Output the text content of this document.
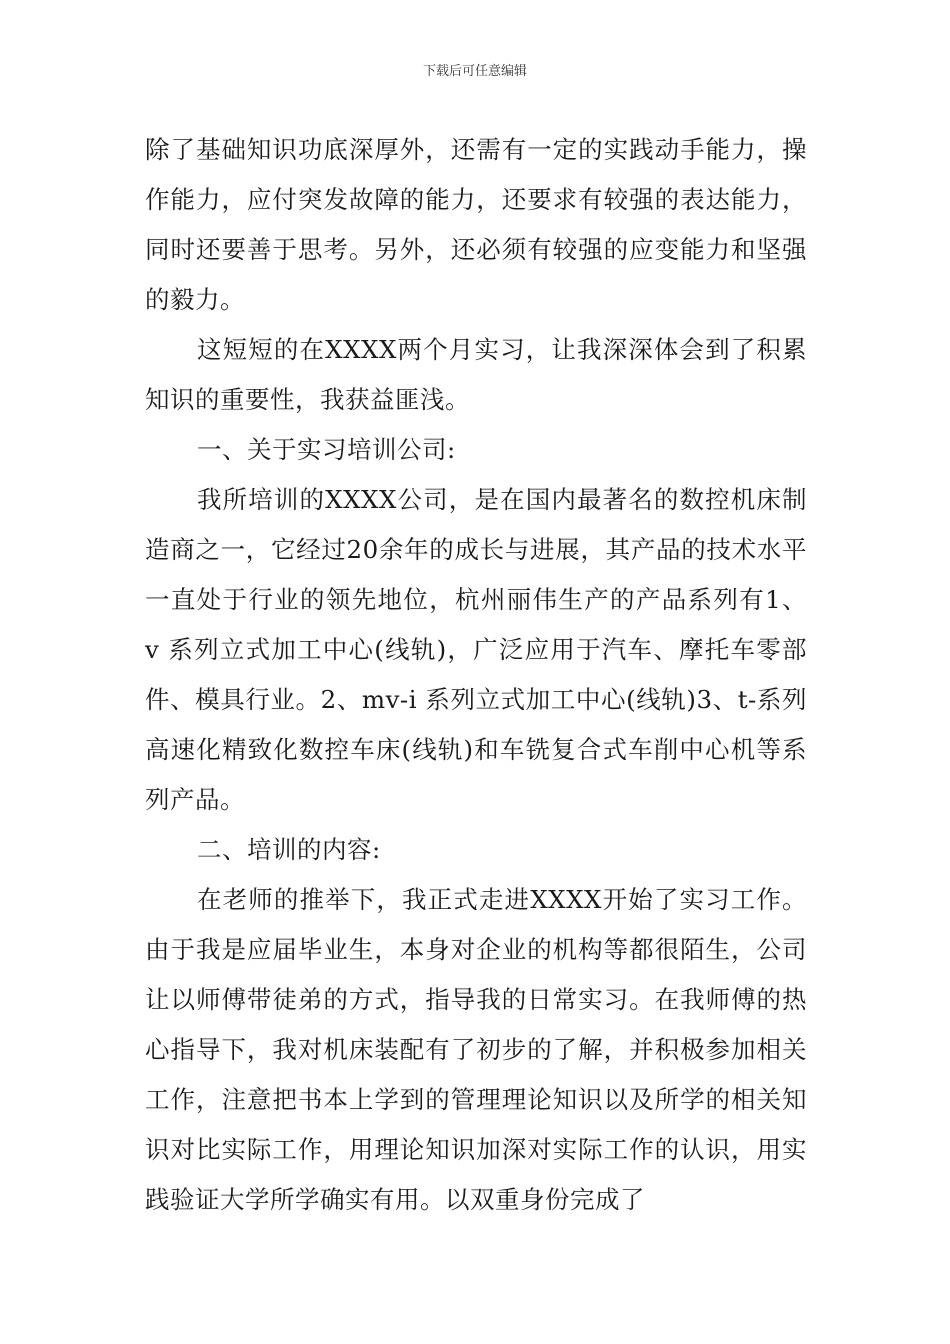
下载后可任意编辑

除了基础知识功底深厚外，还需有一定的实践动手能力，操作能力，应付突发故障的能力，还要求有较强的表达能力，同时还要善于思考。另外，还必须有较强的应变能力和坚强的毅力。

这短短的在XXXX两个月实习，让我深深体会到了积累知识的重要性，我获益匪浅。

一、关于实习培训公司:

我所培训的XXXX公司，是在国内最著名的数控机床制造商之一，它经过20余年的成长与进展，其产品的技术水平一直处于行业的领先地位，杭州丽伟生产的产品系列有1、 v 系列立式加工中心(线轨)，广泛应用于汽车、摩托车零部件、模具行业。2、mv-i 系列立式加工中心(线轨)3、t-系列高速化精致化数控车床(线轨)和车铣复合式车削中心机等系列产品。

二、培训的内容:

在老师的推举下，我正式走进XXXX开始了实习工作。由于我是应届毕业生，本身对企业的机构等都很陌生，公司让以师傅带徒弟的方式，指导我的日常实习。在我师傅的热心指导下，我对机床装配有了初步的了解，并积极参加相关工作，注意把书本上学到的管理理论知识以及所学的相关知识对比实际工作，用理论知识加深对实际工作的认识，用实践验证大学所学确实有用。以双重身份完成了
